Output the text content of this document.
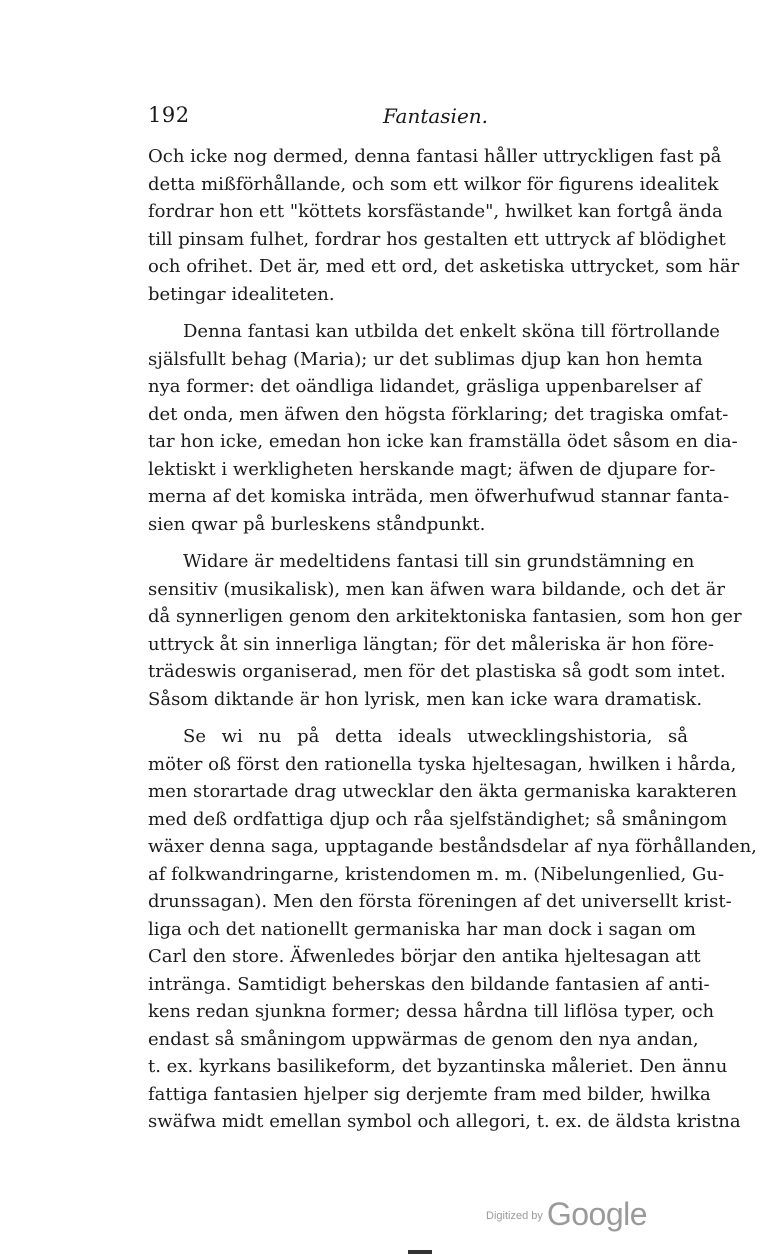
192	Fantasien.
Och icke nog dermed, denna fantasi håller uttryckligen fast på
detta mißförhållande, och som ett wilkor för figurens idealitek
fordrar hon ett "köttets korsfästande", hwilket kan fortgå ända
till pinsam fulhet, fordrar hos gestalten ett uttryck af blödighet
och ofrihet. Det är, med ett ord, det asketiska uttrycket, som här
betingar idealiteten.
Denna fantasi kan utbilda det enkelt sköna till förtrollande
själsfullt behag (Maria); ur det sublimas djup kan hon hemta
nya former: det oändliga lidandet, gräsliga uppenbarelser af
det onda, men äfwen den högsta förklaring; det tragiska omfat-
tar hon icke, emedan hon icke kan framställa ödet såsom en dia-
lektiskt i werkligheten herskande magt; äfwen de djupare for-
merna af det komiska inträda, men öfwerhufwud stannar fanta-
sien qwar på burleskens ståndpunkt.
Widare är medeltidens fantasi till sin grundstämning en
sensitiv (musikalisk), men kan äfwen wara bildande, och det är
då synnerligen genom den arkitektoniska fantasien, som hon ger
uttryck åt sin innerliga längtan; för det måleriska är hon före-
trädeswis organiserad, men för det plastiska så godt som intet.
Såsom diktande är hon lyrisk, men kan icke wara dramatisk.
Se wi nu på detta ideals utwecklingshistoria, så
möter oß först den rationella tyska hjeltesagan, hwilken i hårda,
men storartade drag utwecklar den äkta germaniska karakteren
med deß ordfattiga djup och råa sjelfständighet; så småningom
wäxer denna saga, upptagande beståndsdelar af nya förhållanden,
af folkwandringarne, kristendomen m. m. (Nibelungenlied, Gu-
drunssagan). Men den första föreningen af det universellt krist-
liga och det nationellt germaniska har man dock i sagan om
Carl den store. Äfwenledes börjar den antika hjeltesagan att
intränga. Samtidigt beherskas den bildande fantasien af anti-
kens redan sjunkna former; dessa hårdna till liflösa typer, och
endast så småningom uppwärmas de genom den nya andan,
t. ex. kyrkans basilikeform, det byzantinska måleriet. Den ännu
fattiga fantasien hjelper sig derjemte fram med bilder, hwilka
swäfwa midt emellan symbol och allegori, t. ex. de äldsta kristna
$^{Digitized by}$ Google
